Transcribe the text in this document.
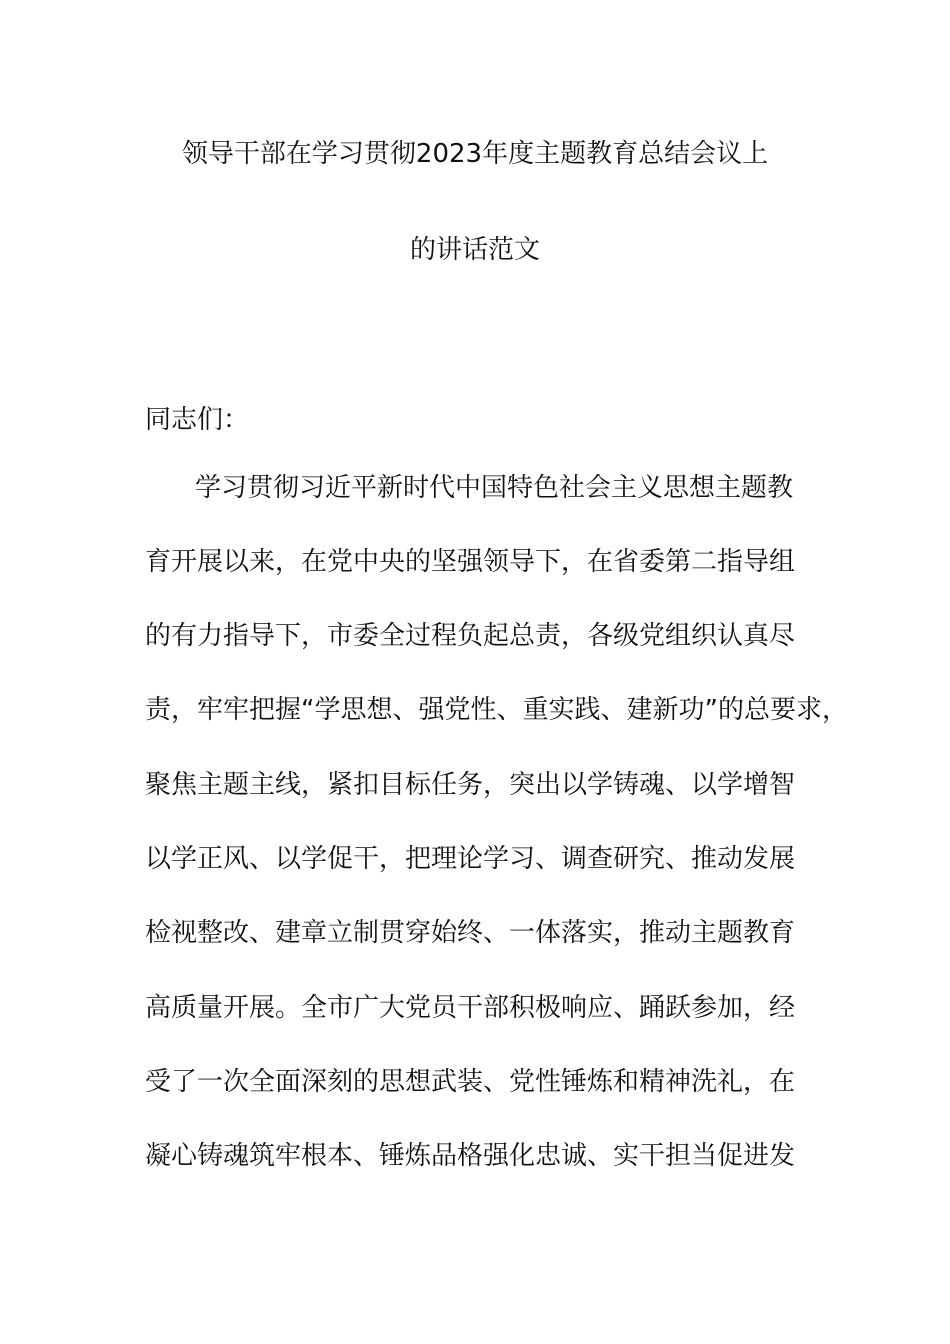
领导干部在学习贯彻2023年度主题教育总结会议上
的讲话范文
同志们：
学习贯彻习近平新时代中国特色社会主义思想主题教
育开展以来，在党中央的坚强领导下，在省委第二指导组
的有力指导下，市委全过程负起总责，各级党组织认真尽
责，牢牢把握“学思想、强党性、重实践、建新功”的总要求，
聚焦主题主线，紧扣目标任务，突出以学铸魂、以学增智
以学正风、以学促干，把理论学习、调查研究、推动发展
检视整改、建章立制贯穿始终、一体落实，推动主题教育
高质量开展。全市广大党员干部积极响应、踊跃参加，经
受了一次全面深刻的思想武装、党性锤炼和精神洗礼，在
凝心铸魂筑牢根本、锤炼品格强化忠诚、实干担当促进发
